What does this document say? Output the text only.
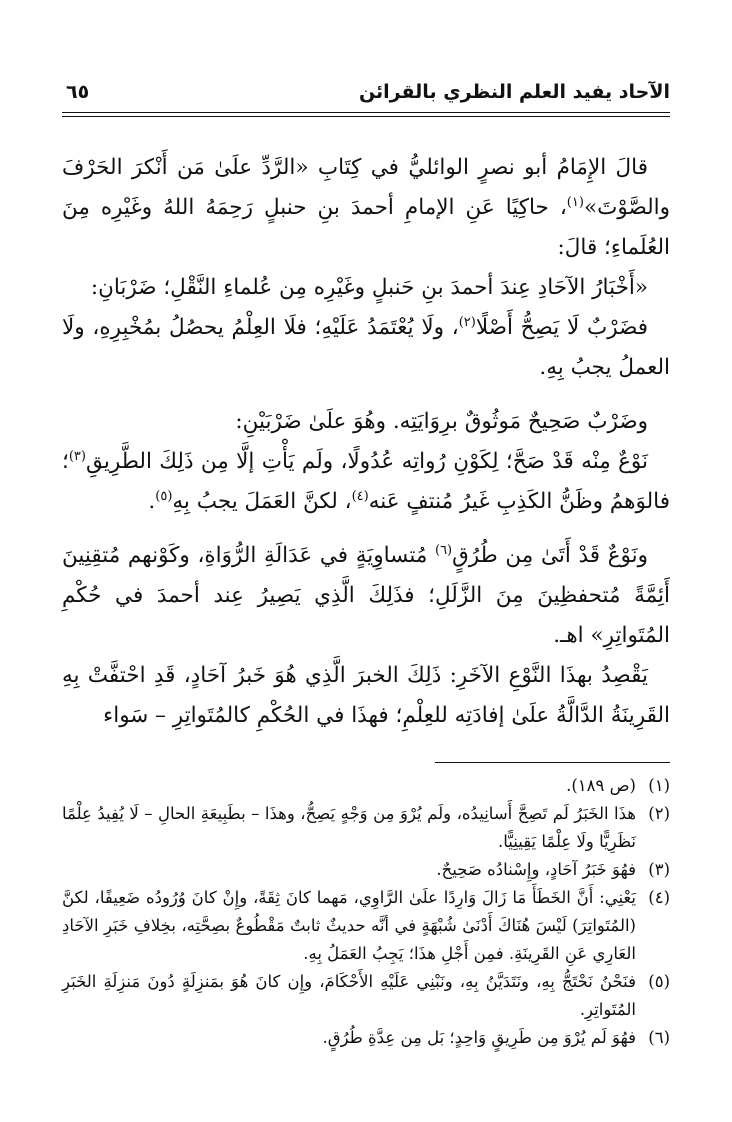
الآحاد يفيد العلم النظري بالقرائن
٦٥

قالَ الإِمَامُ أبو نصرٍ الوائليُّ في كِتَابِ «الرَّدِّ علَىٰ مَن أَنْكرَ الحَرْفَ والصَّوْتَ»$^{(١)}$، حاكِيًا عَنِ الإمامِ أحمدَ بنِ حنبلٍ رَحِمَهُ اللهُ وغَيْرِه مِنَ العُلَماءِ؛ قالَ:

«أَخْبَارُ الآحَادِ عِندَ أحمدَ بنِ حَنبلٍ وغَيْرِه مِن عُلماءِ النَّقْلِ؛ ضَرْبَانِ:

فضَرْبٌ لَا يَصِحُّ أَصْلًا$^{(٢)}$، ولَا يُعْتَمَدُ عَلَيْهِ؛ فلَا العِلْمُ يحصُلُ بمُخْبِرِهِ، ولَا العملُ يجبُ بِهِ.

وضَرْبٌ صَحِيحٌ مَوثُوقٌ برِوَايَتِه. وهُوَ علَىٰ ضَرْبَيْنِ:

نَوْعٌ مِنْه قَدْ صَحَّ؛ لِكَوْنِ رُواتِه عُدُولًا، ولَم يَأْتِ إلَّا مِن ذَلِكَ الطَّرِيقِ$^{(٣)}$؛ فالوَهمُ وظَنُّ الكَذِبِ غَيرُ مُنتفٍ عَنه$^{(٤)}$، لكنَّ العَمَلَ يجبُ بِهِ$^{(٥)}$.

ونَوْعٌ قَدْ أَتَىٰ مِن طُرُقٍ$^{(٦)}$ مُتساوِيَةٍ في عَدَالَةِ الرُّوَاةِ، وكَوْنهم مُتقِنِينَ أَئِمَّةً مُتحفظِينَ مِنَ الزَّلَلِ؛ فذَلِكَ الَّذِي يَصِيرُ عِند أحمدَ في حُكْمِ المُتَواتِرِ» اهـ.

يَقْصِدُ بهذَا النَّوْعِ الآخَرِ: ذَلِكَ الخبرَ الَّذِي هُوَ خَبرُ آحَادٍ، قَدِ احْتفَّتْ بِهِ القَرِينَةُ الدَّالَّةُ علَىٰ إفادَتِه للعِلْمِ؛ فهذَا في الحُكْمِ كالمُتَواتِرِ – سَواء

(١)
(ص ١٨٩).

(٢)
هذَا الخَبَرُ لَم تَصِحَّ أَسانِيدُه، ولَم يُرْوَ مِن وَجْهٍ يَصِحُّ، وهذَا – بطَبِيعَةِ الحالِ – لَا يُفِيدُ عِلْمًا نَظَرِيًّا ولَا عِلْمًا يَقِينِيًّا.

(٣)
فهُوَ خَبَرُ آحَادٍ، وإِسْنادُه صَحِيحٌ.

(٤)
يَعْنِي: أَنَّ الخَطَأَ مَا زَالَ وَارِدًا علَىٰ الرَّاوِي، مَهما كانَ ثِقَةً، وإِنْ كانَ وُرُودُه ضَعِيفًا، لكنَّ (المُتَواتِرَ) لَيْسَ هُنَاكَ أَدْنَىٰ شُبْهَةٍ في أنَّه حديثٌ ثابتٌ مَقْطُوعٌ بصِحَّتِه، بخِلافِ خَبَرِ الآحَادِ العَارِي عَنِ القَرِينَةِ. فمِن أَجْلِ هذَا؛ يَجِبُ العَمَلُ بِهِ.

(٥)
فنَحْنُ نَحْتَجُّ بِهِ، ونَتَدَيَّنُ بِهِ، ونَبْنِي عَلَيْهِ الأَحْكَامَ، وإِن كانَ هُوَ بمَنزِلَةٍ دُونَ مَنزِلَةِ الخَبَرِ المُتَواتِرِ.

(٦)
فهُوَ لَم يُرْوَ مِن طَرِيقٍ وَاحِدٍ؛ بَل مِن عِدَّةِ طُرُقٍ.
